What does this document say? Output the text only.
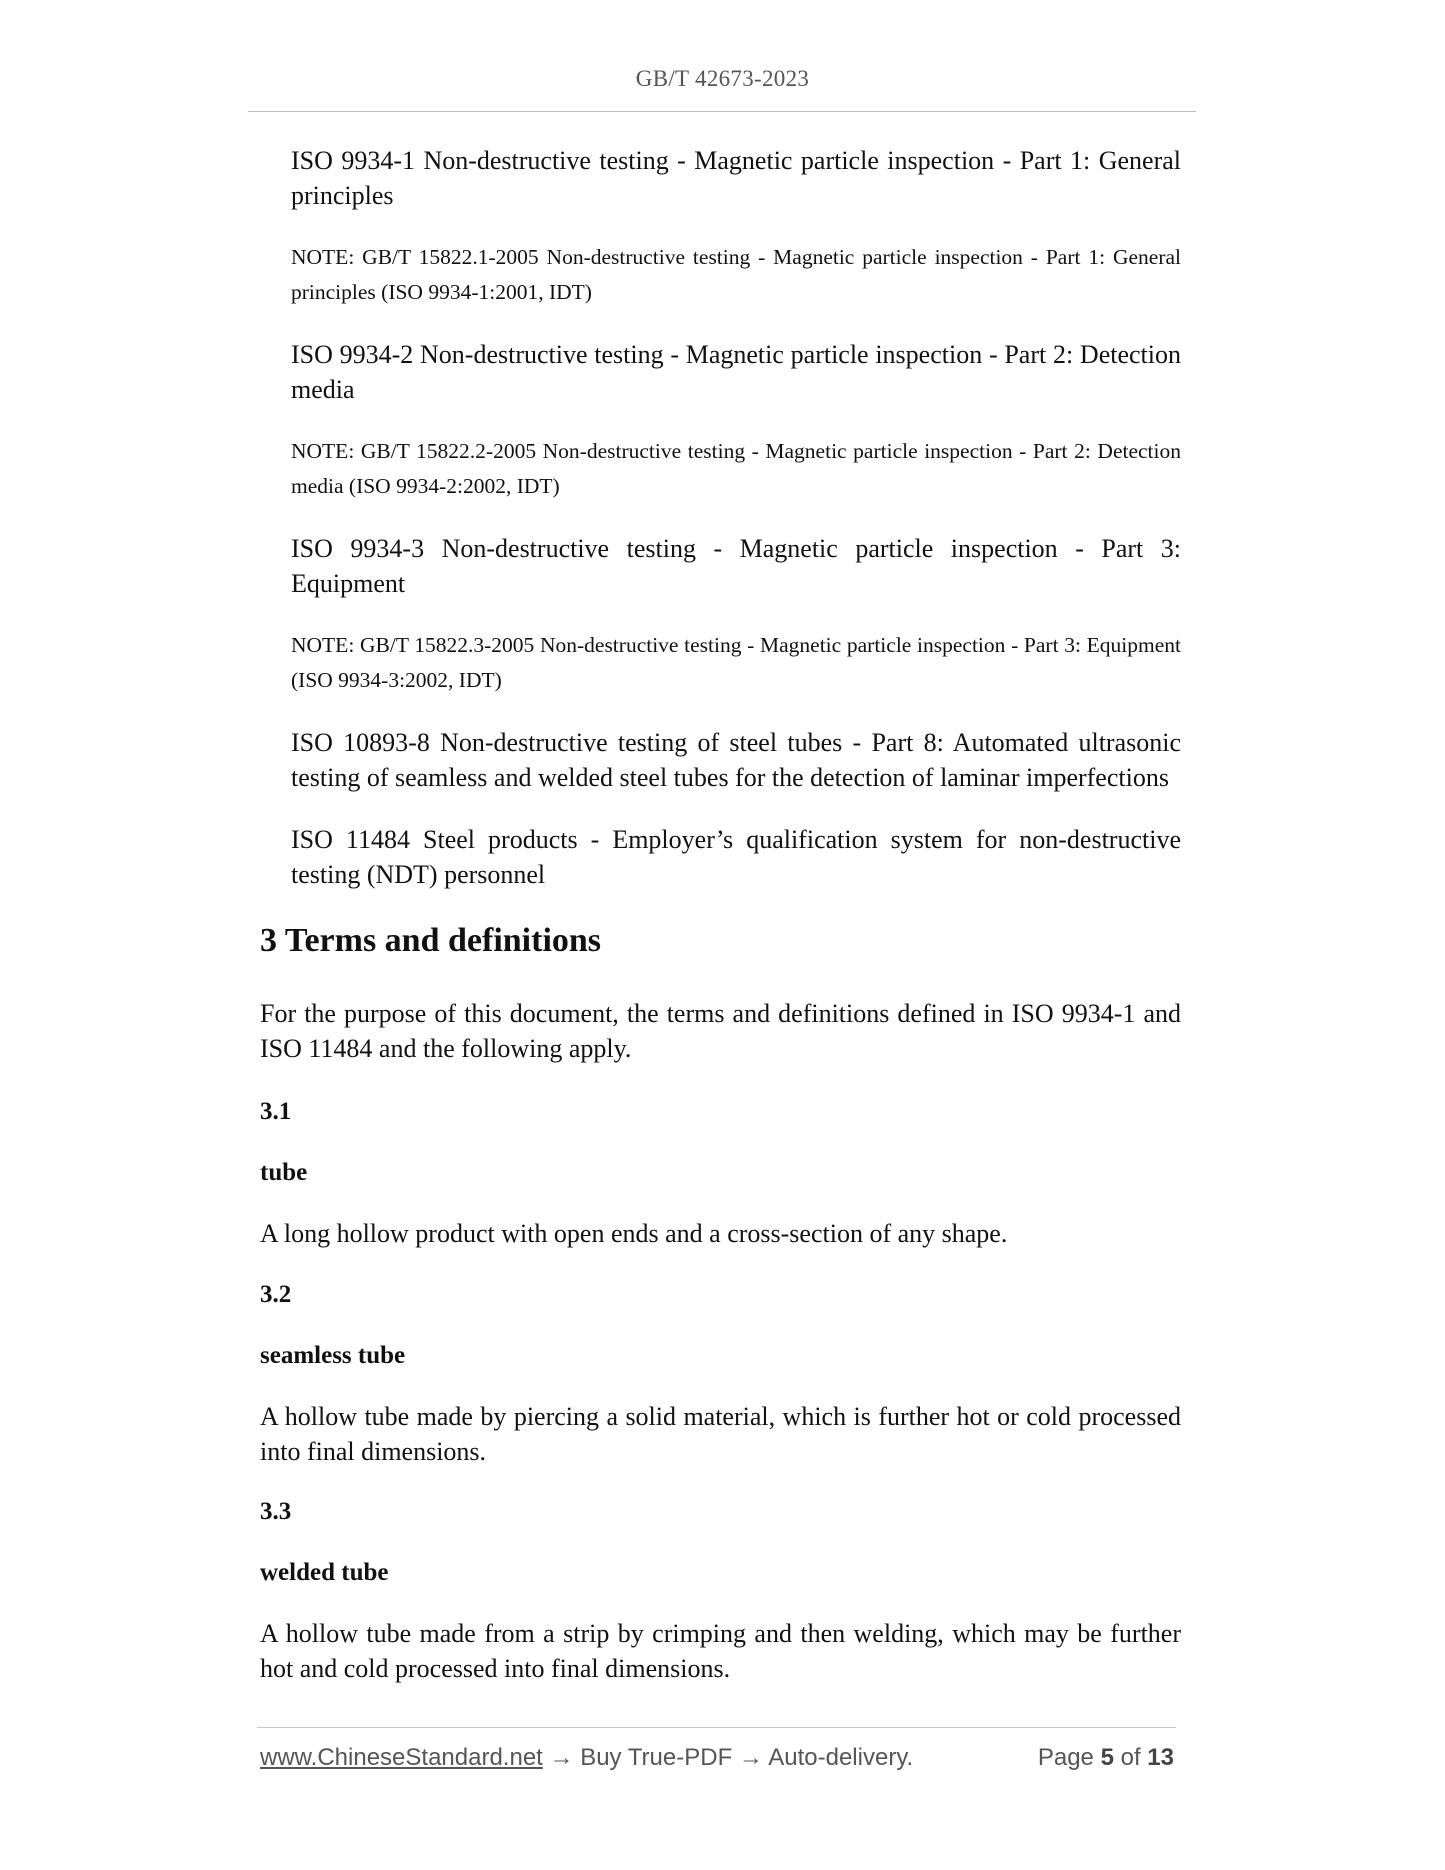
GB/T 42673-2023

ISO 9934-1 Non-destructive testing - Magnetic particle inspection - Part 1: General principles

NOTE: GB/T 15822.1-2005 Non-destructive testing - Magnetic particle inspection - Part 1: General principles (ISO 9934-1:2001, IDT)

ISO 9934-2 Non-destructive testing - Magnetic particle inspection - Part 2: Detection media

NOTE: GB/T 15822.2-2005 Non-destructive testing - Magnetic particle inspection - Part 2: Detection media (ISO 9934-2:2002, IDT)

ISO 9934-3 Non-destructive testing - Magnetic particle inspection - Part 3: Equipment

NOTE: GB/T 15822.3-2005 Non-destructive testing - Magnetic particle inspection - Part 3: Equipment (ISO 9934-3:2002, IDT)

ISO 10893-8 Non-destructive testing of steel tubes - Part 8: Automated ultrasonic testing of seamless and welded steel tubes for the detection of laminar imperfections

ISO 11484 Steel products - Employer’s qualification system for non-destructive testing (NDT) personnel

3 Terms and definitions

For the purpose of this document, the terms and definitions defined in ISO 9934-1 and ISO 11484 and the following apply.

3.1

tube

A long hollow product with open ends and a cross-section of any shape.

3.2

seamless tube

A hollow tube made by piercing a solid material, which is further hot or cold processed into final dimensions.

3.3

welded tube

A hollow tube made from a strip by crimping and then welding, which may be further hot and cold processed into final dimensions.

www.ChineseStandard.net → Buy True-PDF → Auto-delivery.	Page 5 of 13
